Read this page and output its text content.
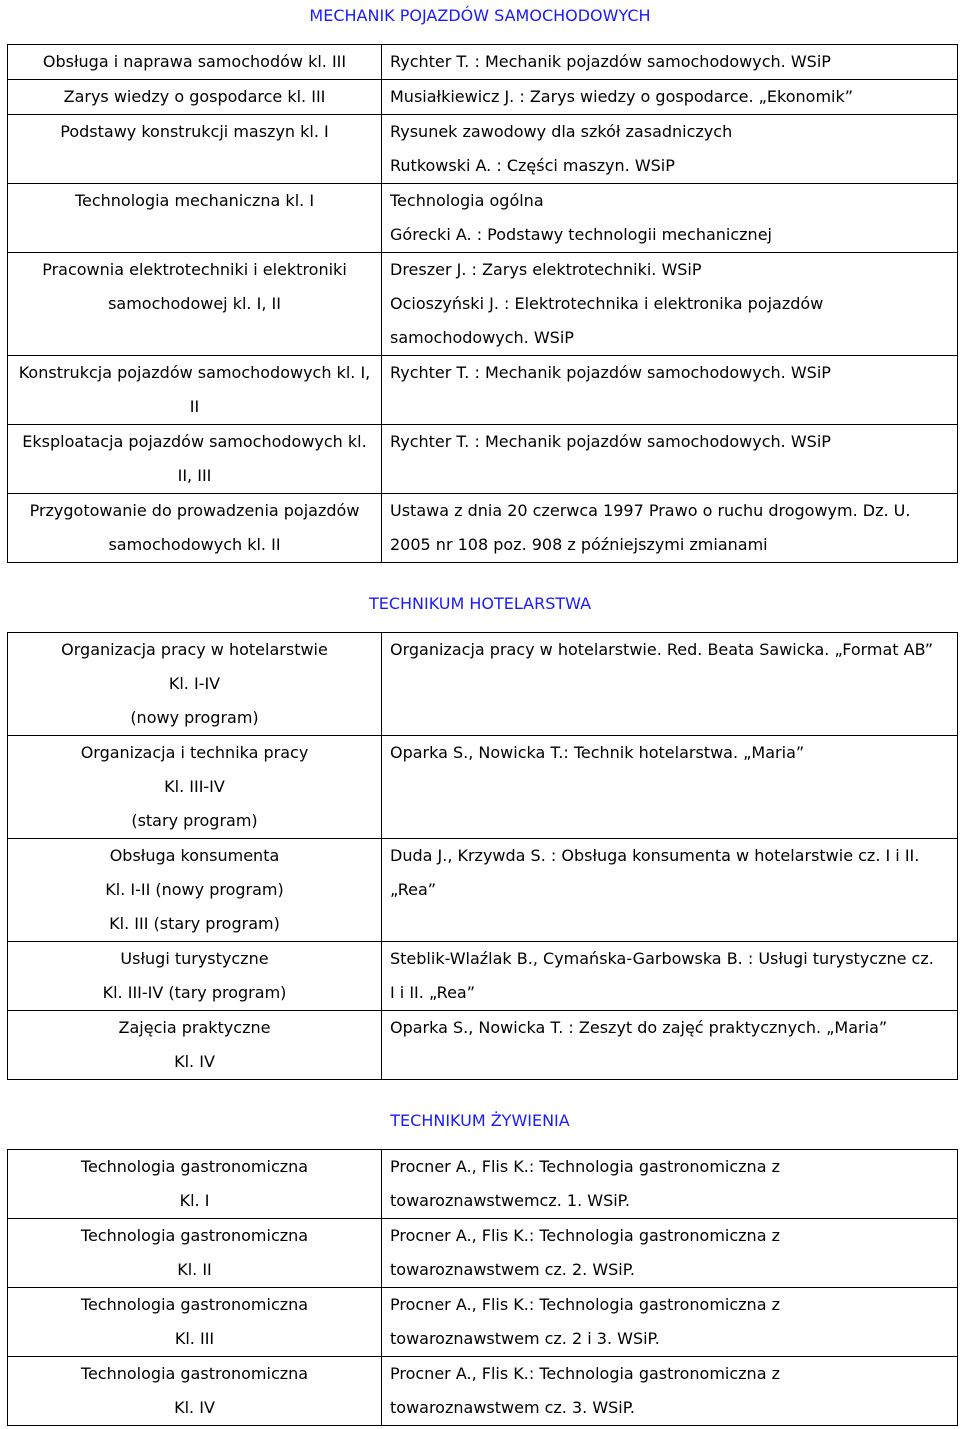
MECHANIK POJAZDÓW SAMOCHODOWYCH
Obsługa i naprawa samochodów kl. III	Rychter T. : Mechanik pojazdów samochodowych. WSiP

Zarys wiedzy o gospodarce kl. III	Musiałkiewicz J. : Zarys wiedzy o gospodarce. „Ekonomik”

Podstawy konstrukcji maszyn kl. I	Rysunek zawodowy dla szkół zasadniczych
Rutkowski A. : Części maszyn. WSiP

Technologia mechaniczna kl. I	Technologia ogólna
Górecki A. : Podstawy technologii mechanicznej

Pracownia elektrotechniki i elektroniki
samochodowej kl. I, II	Dreszer J. : Zarys elektrotechniki. WSiP
Ocioszyński J. : Elektrotechnika i elektronika pojazdów
samochodowych. WSiP

Konstrukcja pojazdów samochodowych kl. I,
II	Rychter T. : Mechanik pojazdów samochodowych. WSiP

Eksploatacja pojazdów samochodowych kl.
II, III	Rychter T. : Mechanik pojazdów samochodowych. WSiP

Przygotowanie do prowadzenia pojazdów
samochodowych kl. II	Ustawa z dnia 20 czerwca 1997 Prawo o ruchu drogowym. Dz. U.
2005 nr 108 poz. 908 z późniejszymi zmianami
TECHNIKUM HOTELARSTWA
Organizacja pracy w hotelarstwie
Kl. I-IV
(nowy program)	Organizacja pracy w hotelarstwie. Red. Beata Sawicka. „Format AB”

Organizacja i technika pracy
Kl. III-IV
(stary program)	Oparka S., Nowicka T.: Technik hotelarstwa. „Maria”

Obsługa konsumenta
Kl. I-II (nowy program)
Kl. III (stary program)	Duda J., Krzywda S. : Obsługa konsumenta w hotelarstwie cz. I i II.
„Rea”

Usługi turystyczne
Kl. III-IV (tary program)	Steblik-Wlaźlak B., Cymańska-Garbowska B. : Usługi turystyczne cz.
I i II. „Rea”

Zajęcia praktyczne
Kl. IV	Oparka S., Nowicka T. : Zeszyt do zajęć praktycznych. „Maria”
TECHNIKUM ŻYWIENIA
Technologia gastronomiczna
Kl. I	Procner A., Flis K.: Technologia gastronomiczna z
towaroznawstwemcz. 1. WSiP.

Technologia gastronomiczna
Kl. II	Procner A., Flis K.: Technologia gastronomiczna z
towaroznawstwem cz. 2. WSiP.

Technologia gastronomiczna
Kl. III	Procner A., Flis K.: Technologia gastronomiczna z
towaroznawstwem cz. 2 i 3. WSiP.

Technologia gastronomiczna
Kl. IV	Procner A., Flis K.: Technologia gastronomiczna z
towaroznawstwem cz. 3. WSiP.
